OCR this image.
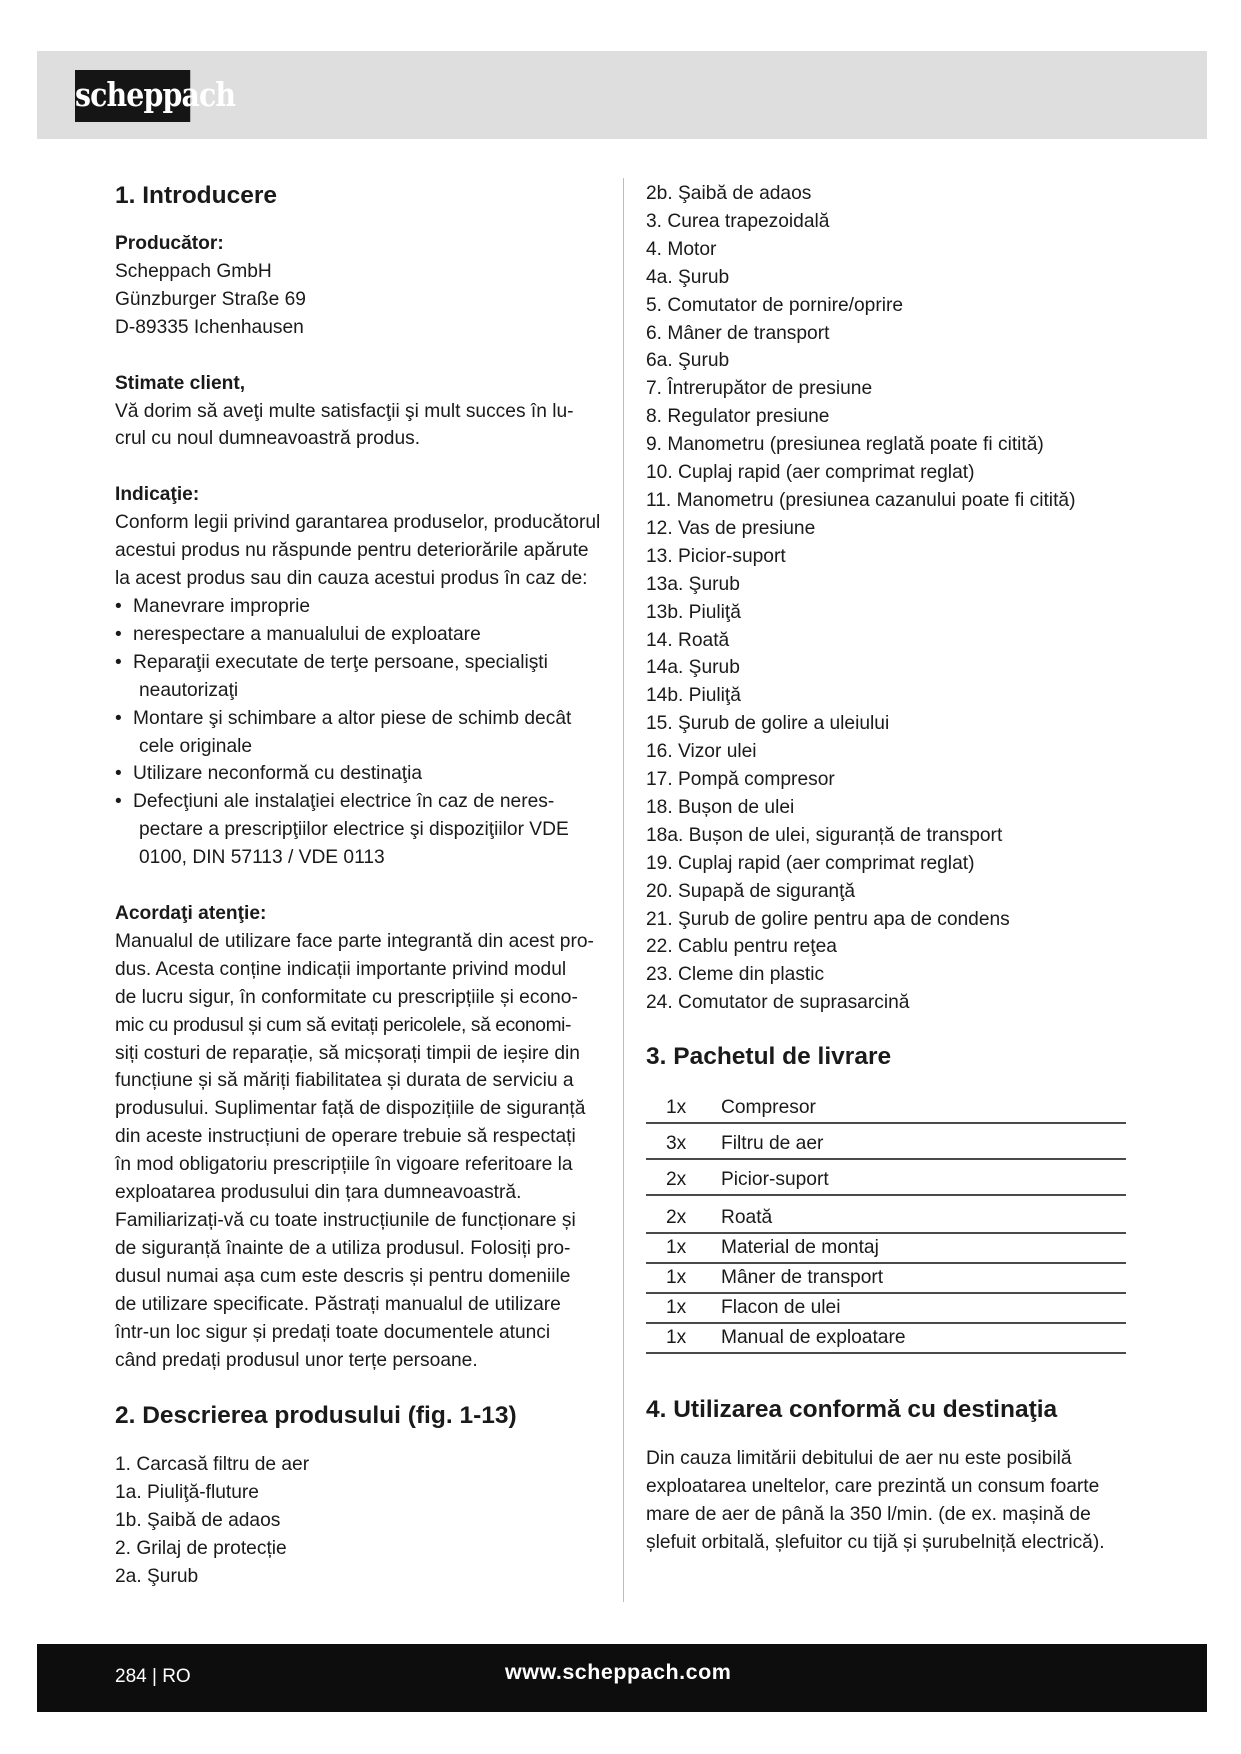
scheppach
1. Introducere

Producător:

Scheppach GmbH

Günzburger Straße 69

D-89335 Ichenhausen

Stimate client,

Vă dorim să aveţi multe satisfacţii şi mult succes în lu-

crul cu noul dumneavoastră produs.

Indicaţie:

Conform legii privind garantarea produselor, producătorul

acestui produs nu răspunde pentru deteriorările apărute

la acest produs sau din cauza acestui produs în caz de:

• Manevrare improprie
• nerespectare a manualului de exploatare
• Reparaţii executate de terţe persoane, specialişti
neautorizaţi
• Montare şi schimbare a altor piese de schimb decât
cele originale
• Utilizare neconformă cu destinaţia
• Defecţiuni ale instalaţiei electrice în caz de neres-
pectare a prescripţiilor electrice şi dispoziţiilor VDE
0100, DIN 57113 / VDE 0113

Acordaţi atenţie:

Manualul de utilizare face parte integrantă din acest pro-

dus. Acesta conține indicații importante privind modul

de lucru sigur, în conformitate cu prescripțiile și econo-

mic cu produsul și cum să evitați pericolele, să economi-

siți costuri de reparație, să micșorați timpii de ieșire din

funcțiune și să măriți fiabilitatea și durata de serviciu a

produsului. Suplimentar față de dispozițiile de siguranță

din aceste instrucțiuni de operare trebuie să respectați

în mod obligatoriu prescripțiile în vigoare referitoare la

exploatarea produsului din țara dumneavoastră.

Familiarizați-vă cu toate instrucțiunile de funcționare și

de siguranță înainte de a utiliza produsul. Folosiți pro-

dusul numai așa cum este descris și pentru domeniile

de utilizare specificate. Păstrați manualul de utilizare

într-un loc sigur și predați toate documentele atunci

când predați produsul unor terțe persoane.

2. Descrierea produsului (fig. 1-13)

1. Carcasă filtru de aer

1a. Piuliţă-fluture

1b. Şaibă de adaos

2. Grilaj de protecție

2a. Şurub

2b. Şaibă de adaos

3. Curea trapezoidală

4. Motor

4a. Şurub

5. Comutator de pornire/oprire

6. Mâner de transport

6a. Şurub

7. Întrerupător de presiune

8. Regulator presiune

9. Manometru (presiunea reglată poate fi citită)

10. Cuplaj rapid (aer comprimat reglat)

11. Manometru (presiunea cazanului poate fi citită)

12. Vas de presiune

13. Picior-suport

13a. Şurub

13b. Piuliţă

14. Roată

14a. Şurub

14b. Piuliţă

15. Şurub de golire a uleiului

16. Vizor ulei

17. Pompă compresor

18. Bușon de ulei

18a. Bușon de ulei, siguranță de transport

19. Cuplaj rapid (aer comprimat reglat)

20. Supapă de siguranţă

21. Şurub de golire pentru apa de condens

22. Cablu pentru reţea

23. Cleme din plastic

24. Comutator de suprasarcină

3. Pachetul de livrare
1x	Compresor
3x	Filtru de aer
2x	Picior-suport
2x	Roată
1x	Material de montaj
1x	Mâner de transport
1x	Flacon de ulei
1x	Manual de exploatare
4. Utilizarea conformă cu destinaţia

Din cauza limitării debitului de aer nu este posibilă

exploatarea uneltelor, care prezintă un consum foarte

mare de aer de până la 350 l/min. (de ex. mașină de

șlefuit orbitală, șlefuitor cu tijă și șurubelniță electrică).

284 | RO	www.scheppach.com
